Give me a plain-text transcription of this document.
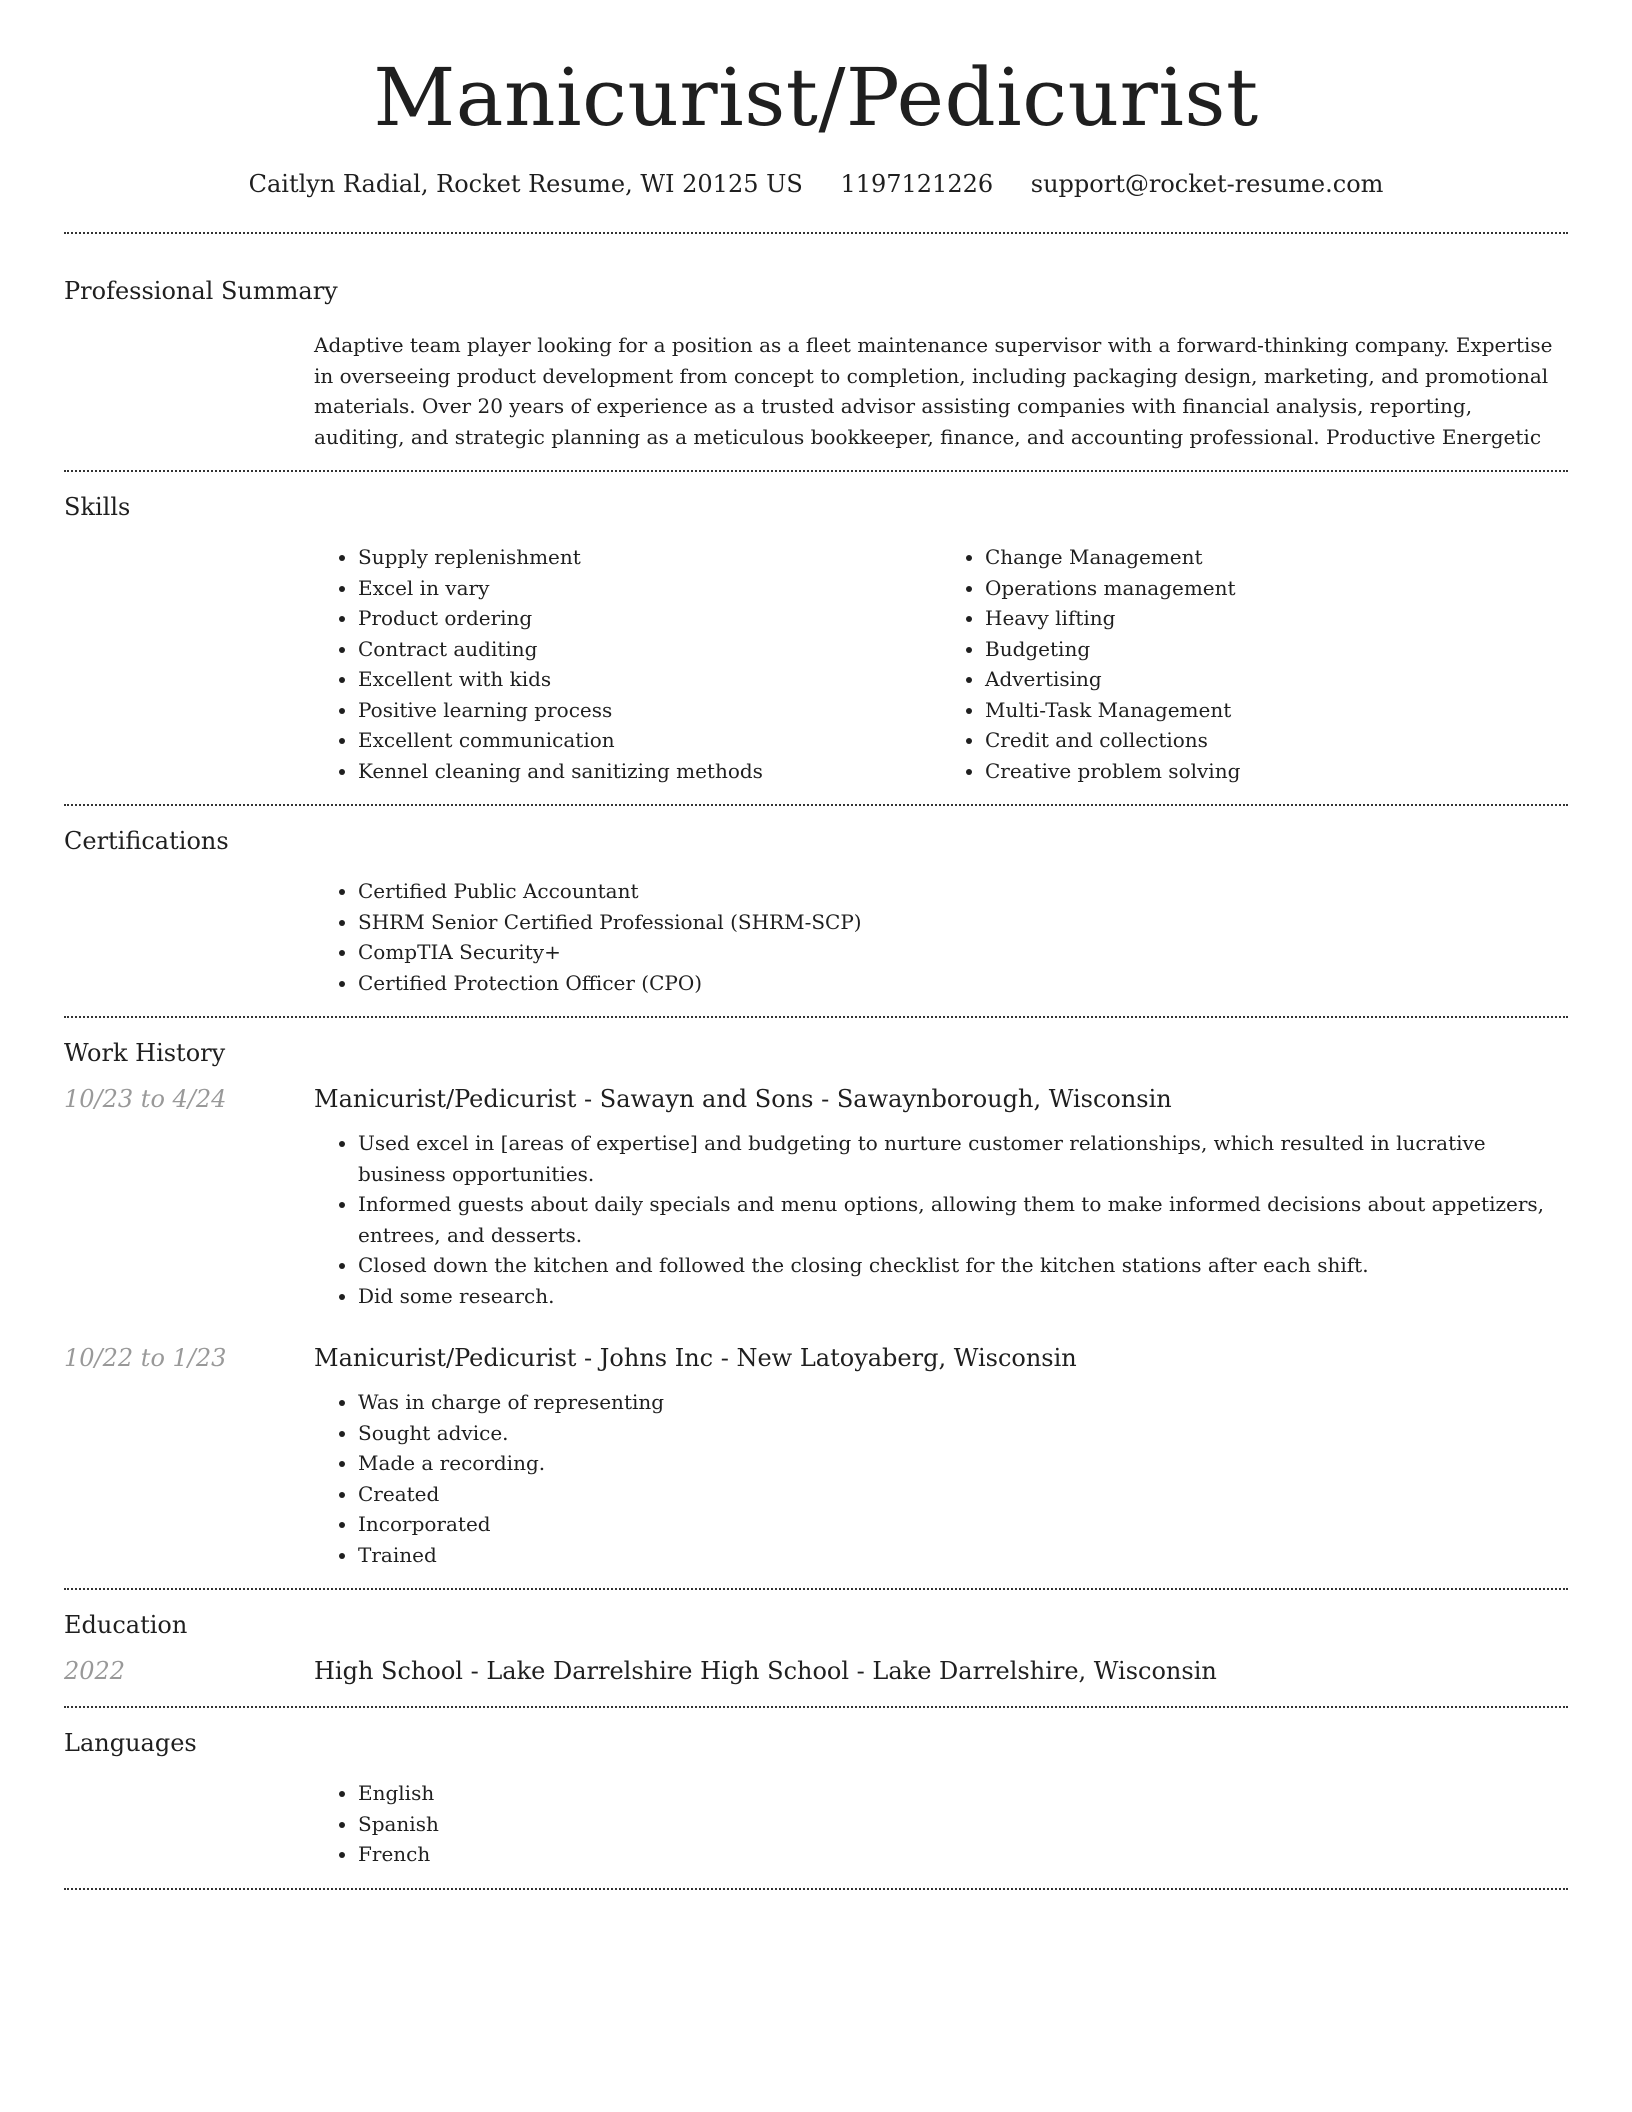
Manicurist/Pedicurist
Caitlyn Radial, Rocket Resume, WI 20125 US 1197121226 support@rocket-resume.com
Professional Summary

Adaptive team player looking for a position as a fleet maintenance supervisor with a forward-thinking company. Expertise in overseeing product development from concept to completion, including packaging design, marketing, and promotional materials. Over 20 years of experience as a trusted advisor assisting companies with financial analysis, reporting, auditing, and strategic planning as a meticulous bookkeeper, finance, and accounting professional. Productive Energetic

Skills
• Supply replenishment
• Excel in vary
• Product ordering
• Contract auditing
• Excellent with kids
• Positive learning process
• Excellent communication
• Kennel cleaning and sanitizing methods
• Change Management
• Operations management
• Heavy lifting
• Budgeting
• Advertising
• Multi-Task Management
• Credit and collections
• Creative problem solving
Certifications
• Certified Public Accountant
• SHRM Senior Certified Professional (SHRM-SCP)
• CompTIA Security+
• Certified Protection Officer (CPO)
Work History
10/23 to 4/24	Manicurist/Pedicurist - Sawayn and Sons - Sawaynborough, Wisconsin
• Used excel in [areas of expertise] and budgeting to nurture customer relationships, which resulted in lucrative business opportunities.
• Informed guests about daily specials and menu options, allowing them to make informed decisions about appetizers, entrees, and desserts.
• Closed down the kitchen and followed the closing checklist for the kitchen stations after each shift.
• Did some research.
10/22 to 1/23	Manicurist/Pedicurist - Johns Inc - New Latoyaberg, Wisconsin
• Was in charge of representing
• Sought advice.
• Made a recording.
• Created
• Incorporated
• Trained
Education
2022	High School - Lake Darrelshire High School - Lake Darrelshire, Wisconsin
Languages
• English
• Spanish
• French
